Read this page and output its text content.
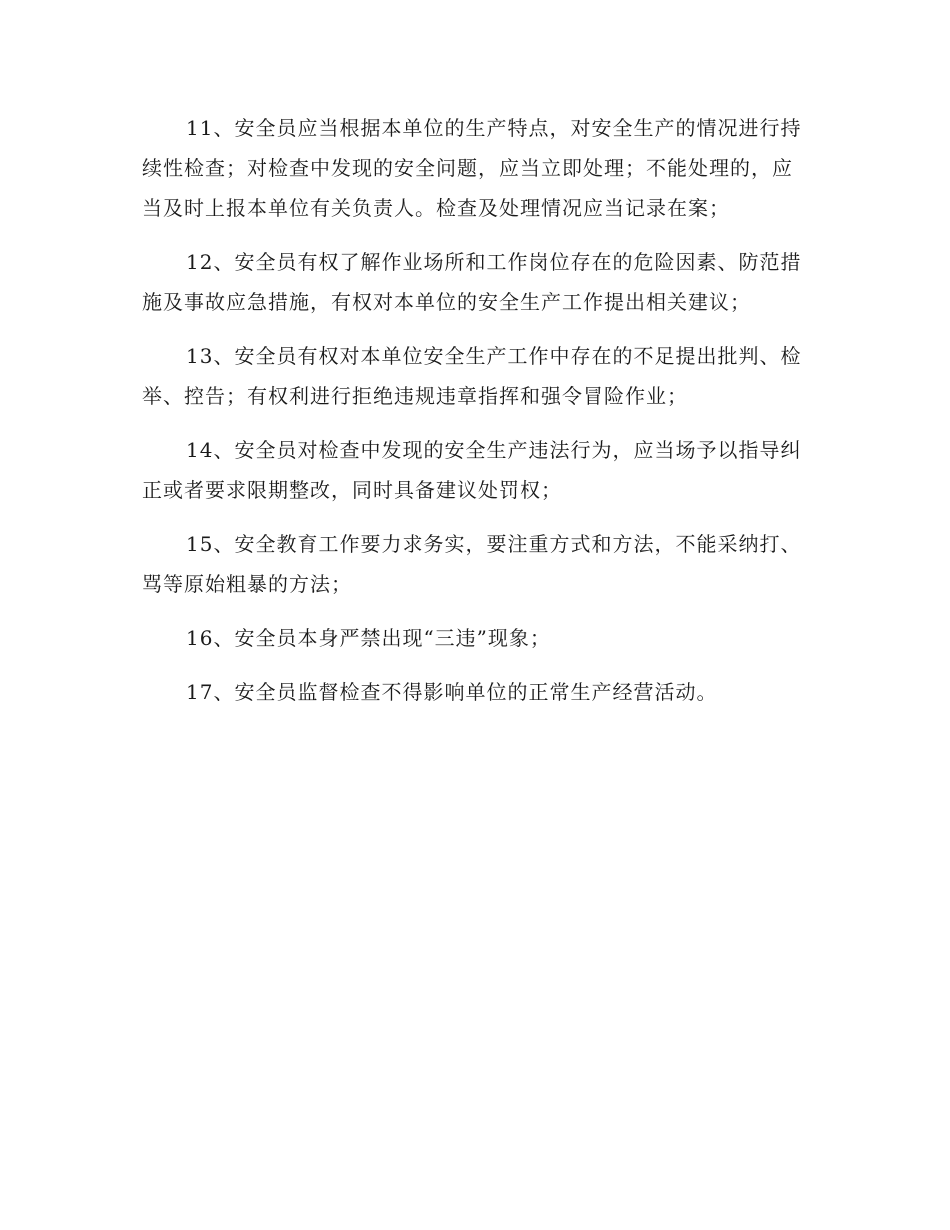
11、安全员应当根据本单位的生产特点，对安全生产的情况进行持续性检查；对检查中发现的安全问题，应当立即处理；不能处理的，应当及时上报本单位有关负责人。检查及处理情况应当记录在案；

12、安全员有权了解作业场所和工作岗位存在的危险因素、防范措施及事故应急措施，有权对本单位的安全生产工作提出相关建议；

13、安全员有权对本单位安全生产工作中存在的不足提出批判、检举、控告；有权利进行拒绝违规违章指挥和强令冒险作业；

14、安全员对检查中发现的安全生产违法行为，应当场予以指导纠正或者要求限期整改，同时具备建议处罚权；

15、安全教育工作要力求务实，要注重方式和方法，不能采纳打、骂等原始粗暴的方法；

16、安全员本身严禁出现“三违”现象；

17、安全员监督检查不得影响单位的正常生产经营活动。
